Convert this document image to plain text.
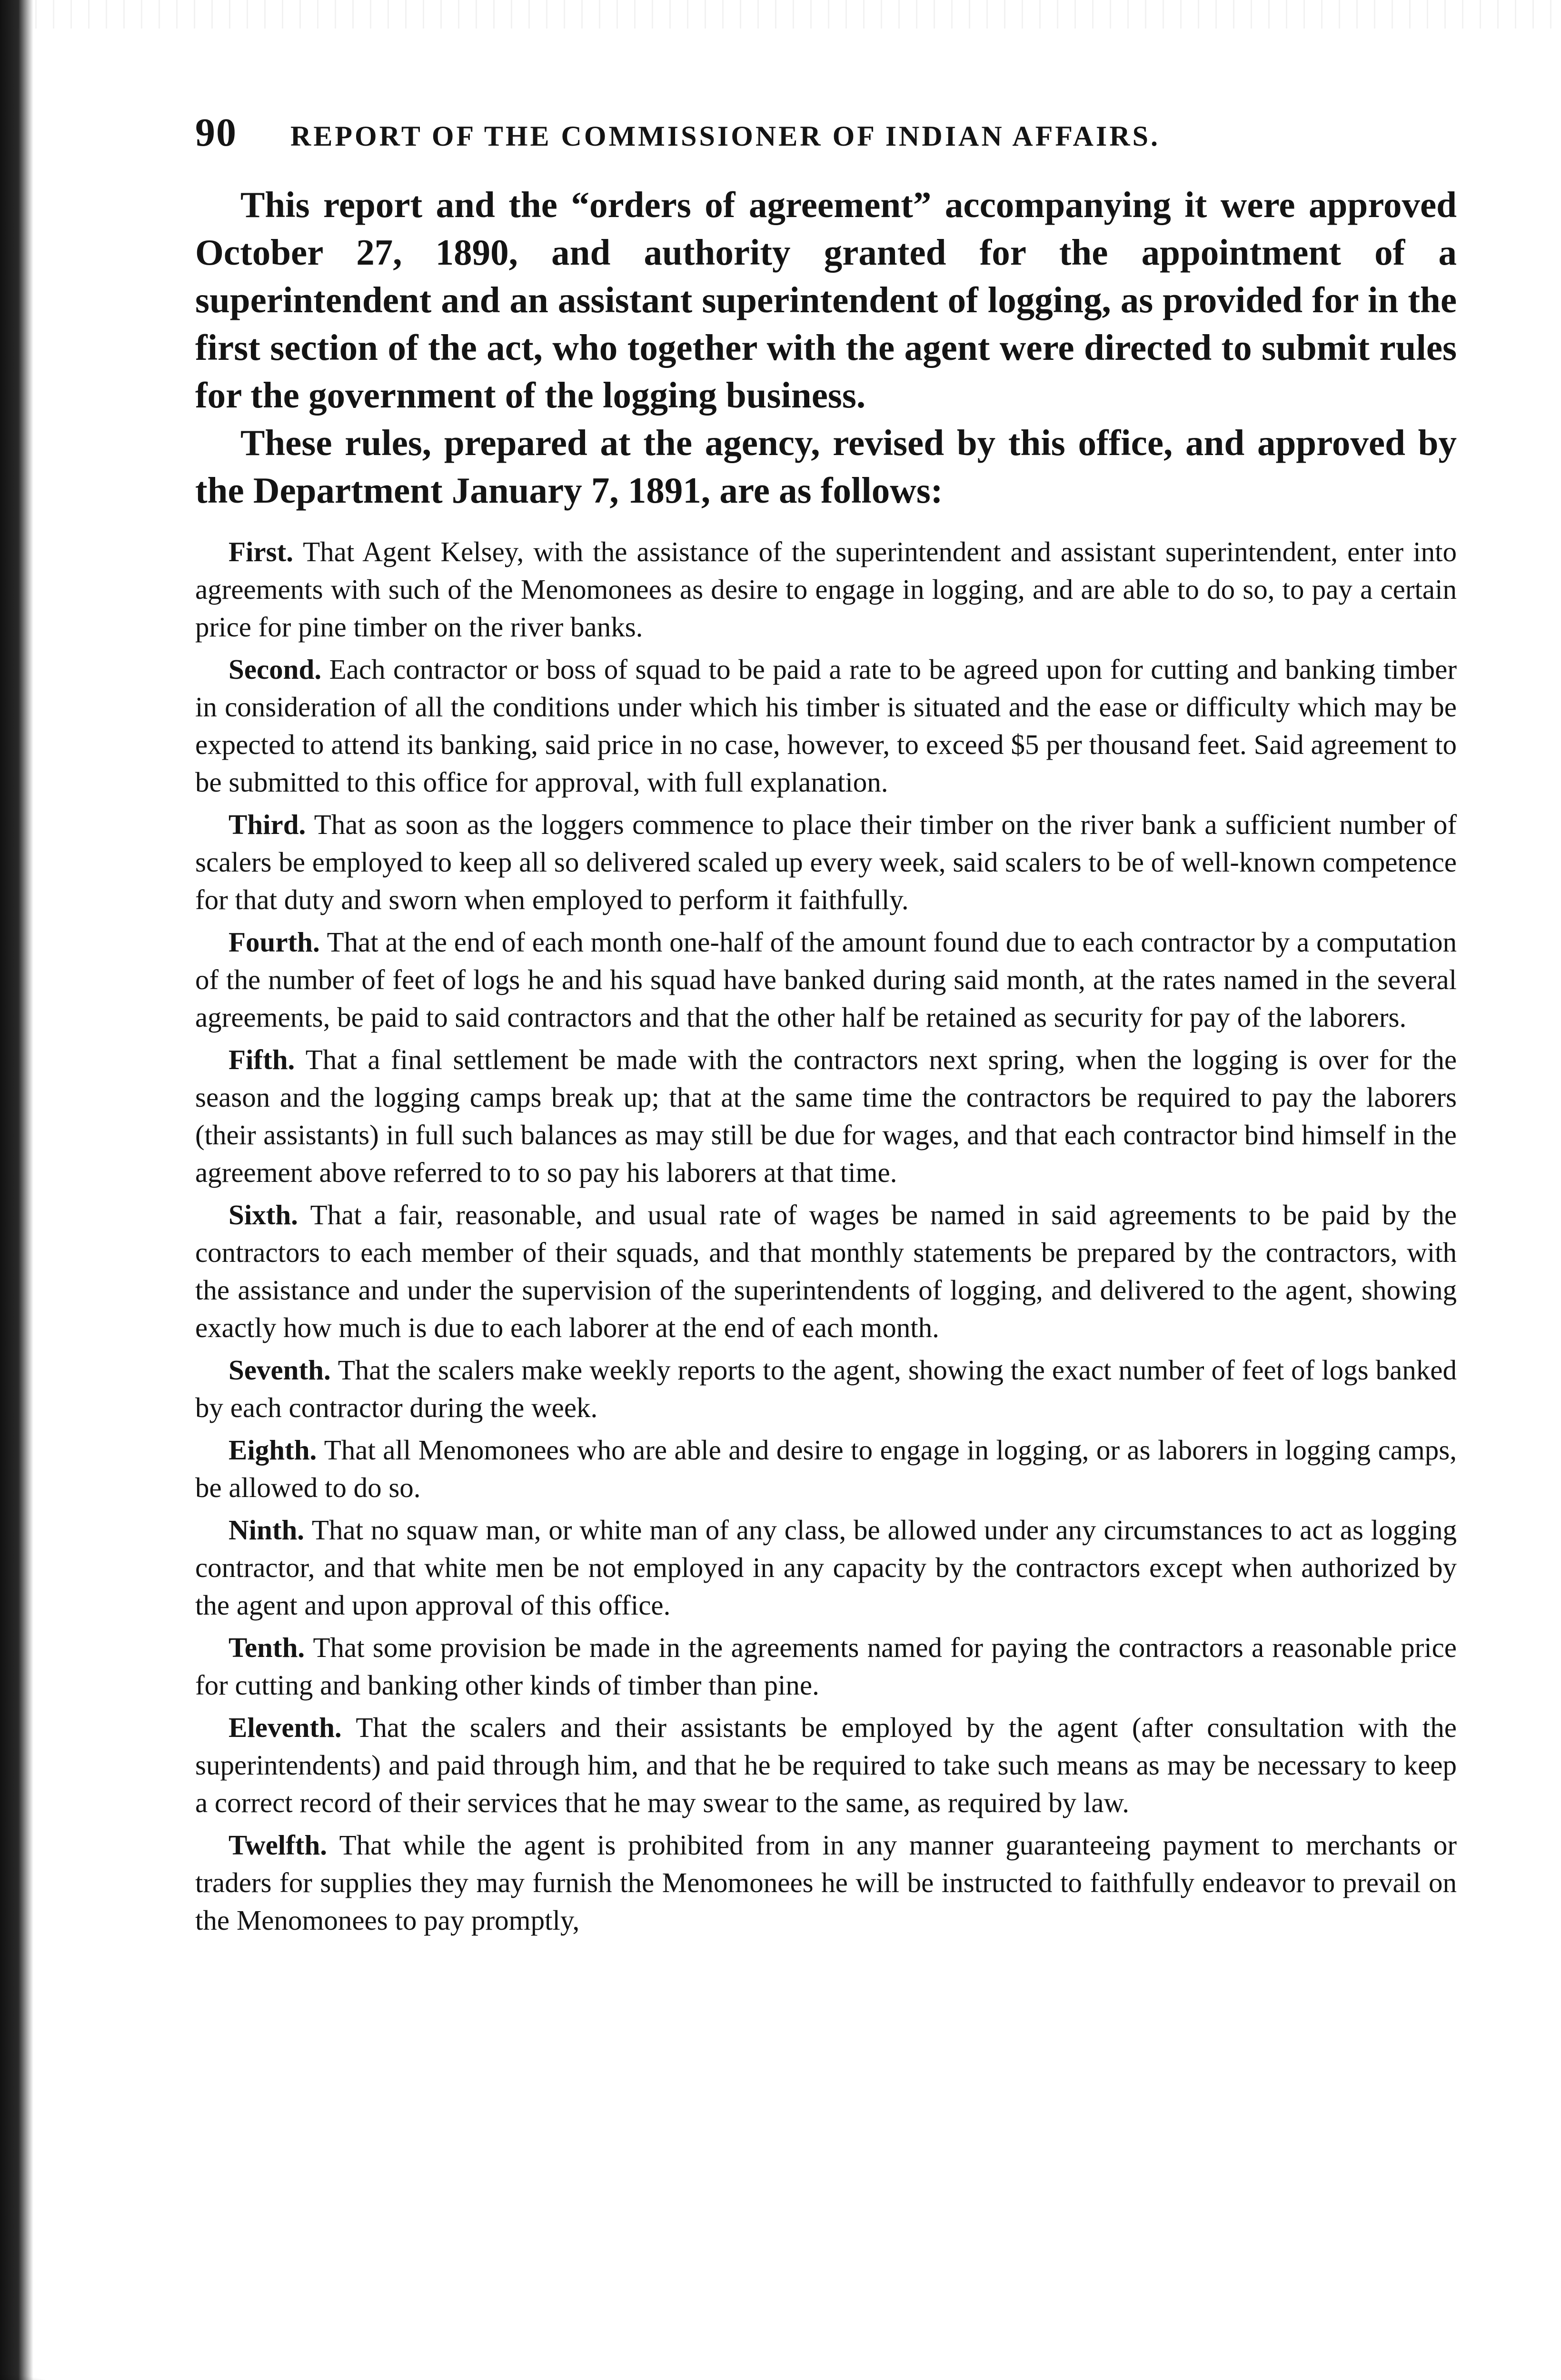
90	REPORT OF THE COMMISSIONER OF INDIAN AFFAIRS.

This report and the “orders of agreement” accompanying it were approved October 27, 1890, and authority granted for the appointment of a superintendent and an assistant superintendent of logging, as provided for in the first section of the act, who together with the agent were directed to submit rules for the government of the logging business.

These rules, prepared at the agency, revised by this office, and approved by the Department January 7, 1891, are as follows:

First. That Agent Kelsey, with the assistance of the superintendent and assistant superintendent, enter into agreements with such of the Menomonees as desire to engage in logging, and are able to do so, to pay a certain price for pine timber on the river banks.

Second. Each contractor or boss of squad to be paid a rate to be agreed upon for cutting and banking timber in consideration of all the conditions under which his timber is situated and the ease or difficulty which may be expected to attend its banking, said price in no case, however, to exceed $5 per thousand feet. Said agreement to be submitted to this office for approval, with full explanation.

Third. That as soon as the loggers commence to place their timber on the river bank a sufficient number of scalers be employed to keep all so delivered scaled up every week, said scalers to be of well-known competence for that duty and sworn when employed to perform it faithfully.

Fourth. That at the end of each month one-half of the amount found due to each contractor by a computation of the number of feet of logs he and his squad have banked during said month, at the rates named in the several agreements, be paid to said contractors and that the other half be retained as security for pay of the laborers.

Fifth. That a final settlement be made with the contractors next spring, when the logging is over for the season and the logging camps break up; that at the same time the contractors be required to pay the laborers (their assistants) in full such balances as may still be due for wages, and that each contractor bind himself in the agreement above referred to to so pay his laborers at that time.

Sixth. That a fair, reasonable, and usual rate of wages be named in said agreements to be paid by the contractors to each member of their squads, and that monthly statements be prepared by the contractors, with the assistance and under the supervision of the superintendents of logging, and delivered to the agent, showing exactly how much is due to each laborer at the end of each month.

Seventh. That the scalers make weekly reports to the agent, showing the exact number of feet of logs banked by each contractor during the week.

Eighth. That all Menomonees who are able and desire to engage in logging, or as laborers in logging camps, be allowed to do so.

Ninth. That no squaw man, or white man of any class, be allowed under any circumstances to act as logging contractor, and that white men be not employed in any capacity by the contractors except when authorized by the agent and upon approval of this office.

Tenth. That some provision be made in the agreements named for paying the contractors a reasonable price for cutting and banking other kinds of timber than pine.

Eleventh. That the scalers and their assistants be employed by the agent (after consultation with the superintendents) and paid through him, and that he be required to take such means as may be necessary to keep a correct record of their services that he may swear to the same, as required by law.

Twelfth. That while the agent is prohibited from in any manner guaranteeing payment to merchants or traders for supplies they may furnish the Menomonees he will be instructed to faithfully endeavor to prevail on the Menomonees to pay promptly,
